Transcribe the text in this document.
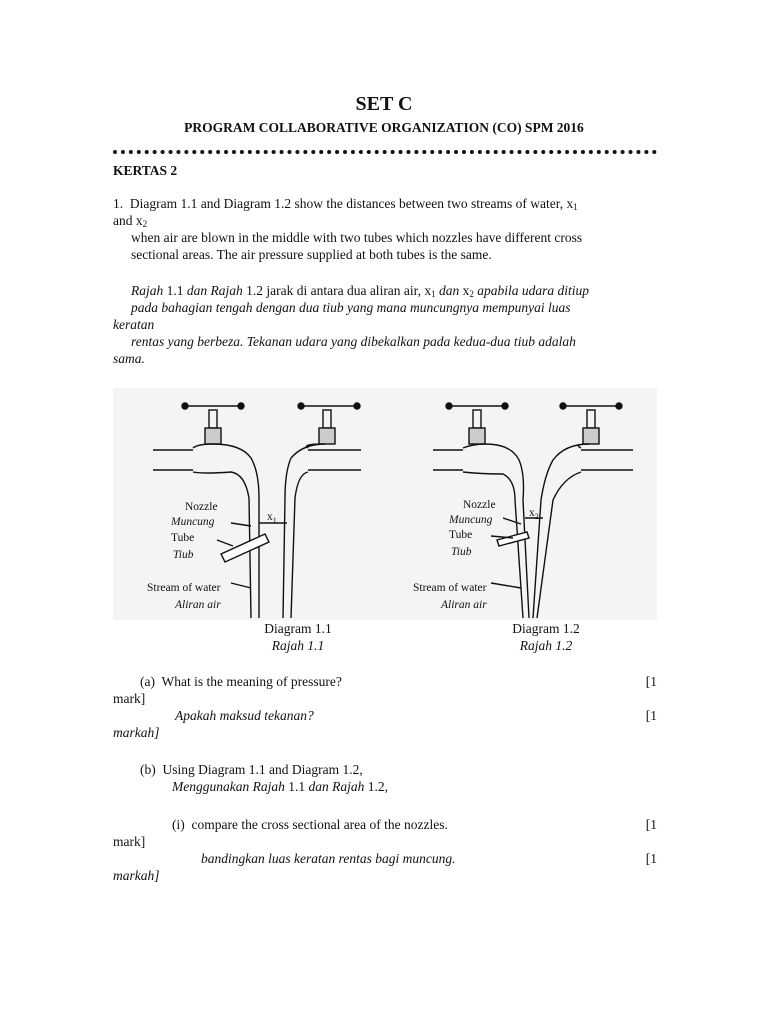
SET C
PROGRAM COLLABORATIVE ORGANIZATION (CO) SPM 2016
KERTAS 2
1. Diagram 1.1 and Diagram 1.2 show the distances between two streams of water, $x_1$
and $x_2$
when air are blown in the middle with two tubes which nozzles have different cross
sectional areas. The air pressure supplied at both tubes is the same.
Rajah 1.1 dan Rajah 1.2 jarak di antara dua aliran air, $x_1$ dan $x_2$ apabila udara ditiup
pada bahagian tengah dengan dua tiub yang mana muncungnya mempunyai luas
keratan
rentas yang berbeza. Tekanan udara yang dibekalkan pada kedua-dua tiub adalah
sama.
Nozzle
Muncung
Tube
Tiub
Stream of water
Aliran air
$x_1$
Nozzle
Muncung
Tube
Tiub
Stream of water
Aliran air
$x_2$
Diagram 1.1
Rajah 1.1
Diagram 1.2
Rajah 1.2
(a) What is the meaning of pressure?	[1
mark]
Apakah maksud tekanan?	[1
markah]
(b) Using Diagram 1.1 and Diagram 1.2,
Menggunakan Rajah 1.1 dan Rajah 1.2,
(i) compare the cross sectional area of the nozzles.	[1
mark]
bandingkan luas keratan rentas bagi muncung.	[1
markah]
